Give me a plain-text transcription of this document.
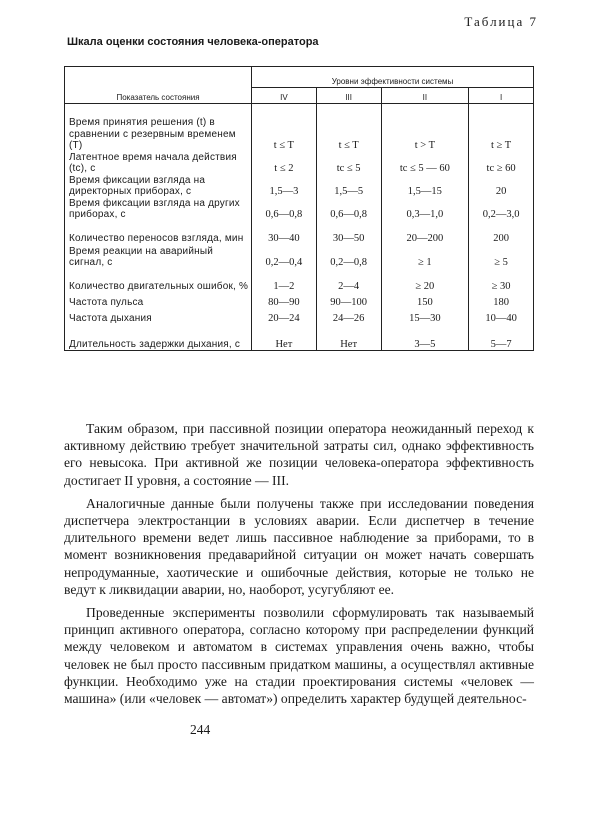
Таблица 7
Шкала оценки состояния человека-оператора
Показатель состояния	Уровни эффективности системы			
	IV	III	II	I
Время принятия решения (t) в сравнении с резервным временем (T)	t ≤ T	t ≤ T	t > T	t ≥ T
Латентное время начала действия (tс), с	t ≤ 2	tс ≤ 5	tс ≤ 5 — 60	tс ≥ 60
Время фиксации взгляда на директорных приборах, с	1,5—3	1,5—5	1,5—15	20
Время фиксации взгляда на других приборах, с	0,6—0,8	0,6—0,8	0,3—1,0	0,2—3,0
Количество переносов взгляда, мин	30—40	30—50	20—200	200
Время реакции на аварийный сигнал, с	0,2—0,4	0,2—0,8	≥ 1	≥ 5
Количество двигательных ошибок, %	1—2	2—4	≥ 20	≥ 30
Частота пульса	80—90	90—100	150	180
Частота дыхания	20—24	24—26	15—30	10—40
Длительность задержки дыхания, с	Нет	Нет	3—5	5—7

Таким образом, при пассивной позиции оператора неожиданный переход к активному действию требует значительной затраты сил, однако эффективность его невысока. При активной же позиции человека-оператора эффективность достигает II уровня, а состояние — III.

Аналогичные данные были получены также при исследовании поведения диспетчера электростанции в условиях аварии. Если диспетчер в течение длительного времени ведет лишь пассивное наблюдение за приборами, то в момент возникновения предаварийной ситуации он может начать совершать непродуманные, хаотические и ошибочные действия, которые не только не ведут к ликвидации аварии, но, наоборот, усугубляют ее.

Проведенные эксперименты позволили сформулировать так называемый принцип активного оператора, согласно которому при распределении функций между человеком и автоматом в системах управления очень важно, чтобы человек не был просто пассивным придатком машины, а осуществлял активные функции. Необходимо уже на стадии проектирования системы «человек — машина» (или «человек — автомат») определить характер будущей деятельнос-

244
